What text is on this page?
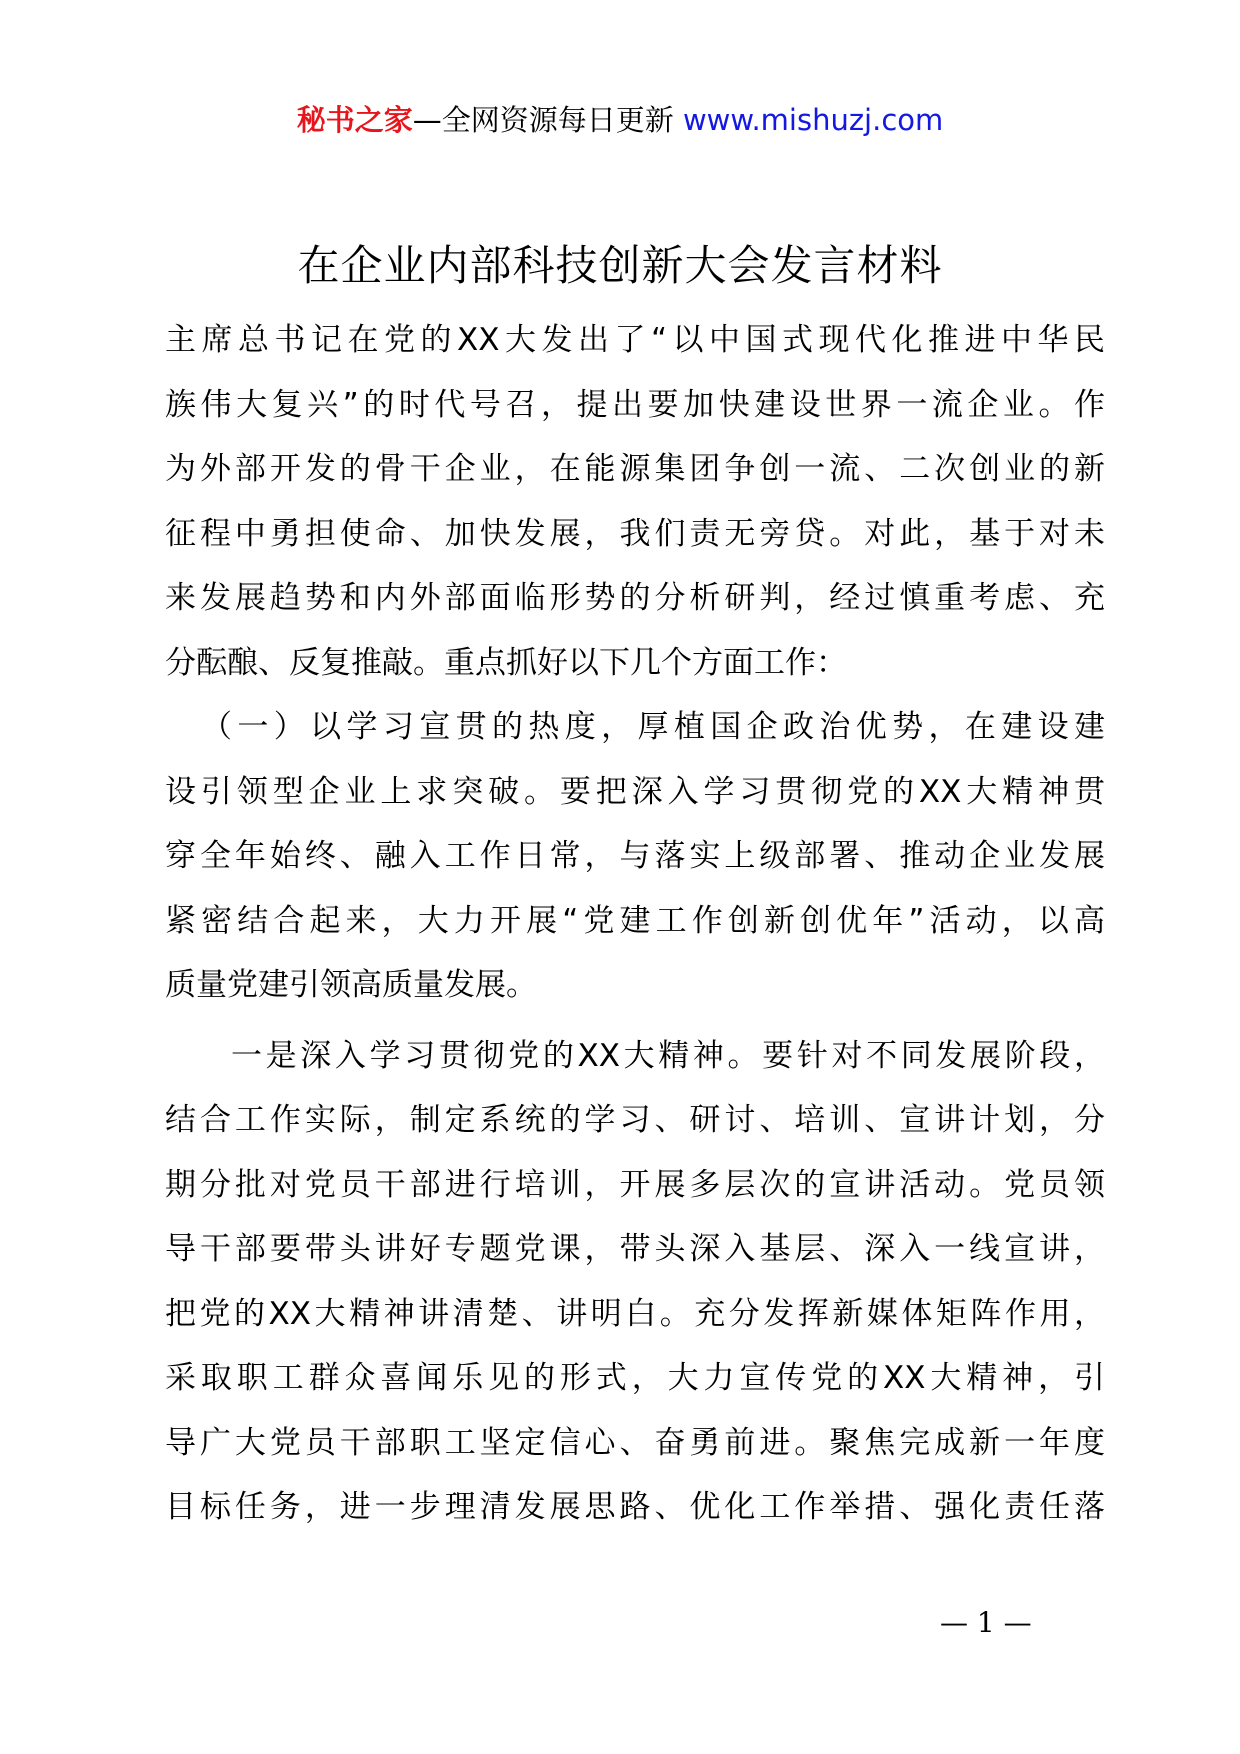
秘书之家—全网资源每日更新 www.mishuzj.com
在企业内部科技创新大会发言材料
主席总书记在党的XX大发出了“以中国式现代化推进中华民
族伟大复兴”的时代号召，提出要加快建设世界一流企业。作
为外部开发的骨干企业，在能源集团争创一流、二次创业的新
征程中勇担使命、加快发展，我们责无旁贷。对此，基于对未
来发展趋势和内外部面临形势的分析研判，经过慎重考虑、充
分酝酿、反复推敲。重点抓好以下几个方面工作：
（一）以学习宣贯的热度，厚植国企政治优势，在建设建
设引领型企业上求突破。要把深入学习贯彻党的XX大精神贯
穿全年始终、融入工作日常，与落实上级部署、推动企业发展
紧密结合起来，大力开展“党建工作创新创优年”活动，以高
质量党建引领高质量发展。
一是深入学习贯彻党的XX大精神。要针对不同发展阶段，
结合工作实际，制定系统的学习、研讨、培训、宣讲计划，分
期分批对党员干部进行培训，开展多层次的宣讲活动。党员领
导干部要带头讲好专题党课，带头深入基层、深入一线宣讲，
把党的XX大精神讲清楚、讲明白。充分发挥新媒体矩阵作用，
采取职工群众喜闻乐见的形式，大力宣传党的XX大精神，引
导广大党员干部职工坚定信心、奋勇前进。聚焦完成新一年度
目标任务，进一步理清发展思路、优化工作举措、强化责任落
— 1 —
